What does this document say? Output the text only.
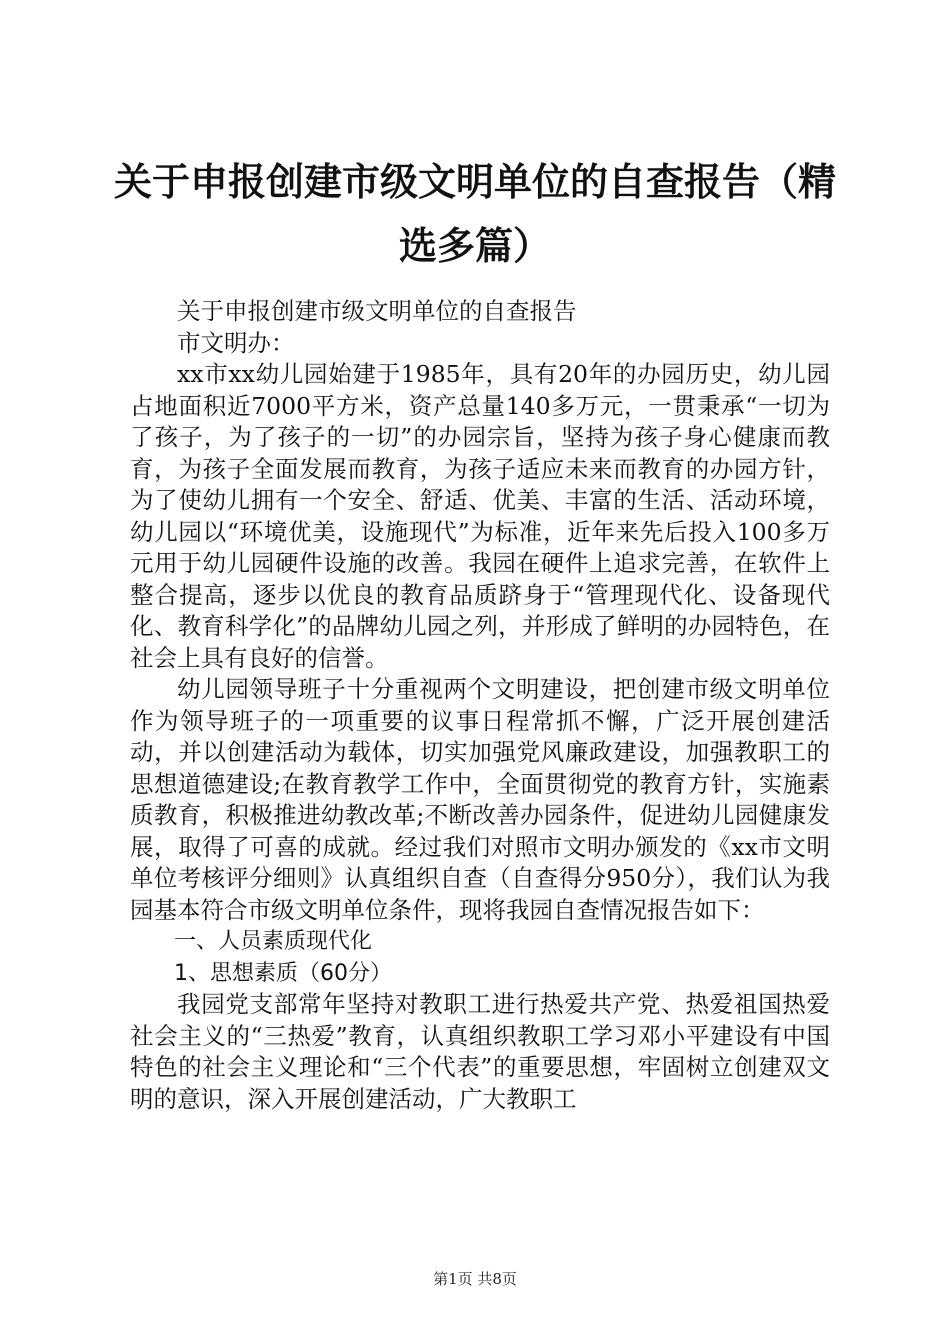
关于申报创建市级文明单位的自查报告（精选多篇）

关于申报创建市级文明单位的自查报告

市文明办：

xx市xx幼儿园始建于1985年，具有20年的办园历史，幼儿园占地面积近7000平方米，资产总量140多万元，一贯秉承“一切为了孩子，为了孩子的一切”的办园宗旨，坚持为孩子身心健康而教育，为孩子全面发展而教育，为孩子适应未来而教育的办园方针，为了使幼儿拥有一个安全、舒适、优美、丰富的生活、活动环境，幼儿园以“环境优美，设施现代”为标准，近年来先后投入100多万元用于幼儿园硬件设施的改善。我园在硬件上追求完善，在软件上整合提高，逐步以优良的教育品质跻身于“管理现代化、设备现代化、教育科学化”的品牌幼儿园之列，并形成了鲜明的办园特色，在社会上具有良好的信誉。

幼儿园领导班子十分重视两个文明建设，把创建市级文明单位作为领导班子的一项重要的议事日程常抓不懈，广泛开展创建活动，并以创建活动为载体，切实加强党风廉政建设，加强教职工的思想道德建设;在教育教学工作中，全面贯彻党的教育方针，实施素质教育，积极推进幼教改革;不断改善办园条件，促进幼儿园健康发展，取得了可喜的成就。经过我们对照市文明办颁发的《xx市文明单位考核评分细则》认真组织自查（自查得分950分），我们认为我园基本符合市级文明单位条件，现将我园自查情况报告如下：

一、人员素质现代化

1、思想素质（60分）

我园党支部常年坚持对教职工进行热爱共产党、热爱祖国热爱社会主义的“三热爱”教育，认真组织教职工学习邓小平建设有中国特色的社会主义理论和“三个代表”的重要思想，牢固树立创建双文明的意识，深入开展创建活动，广大教职工

第1页 共8页
